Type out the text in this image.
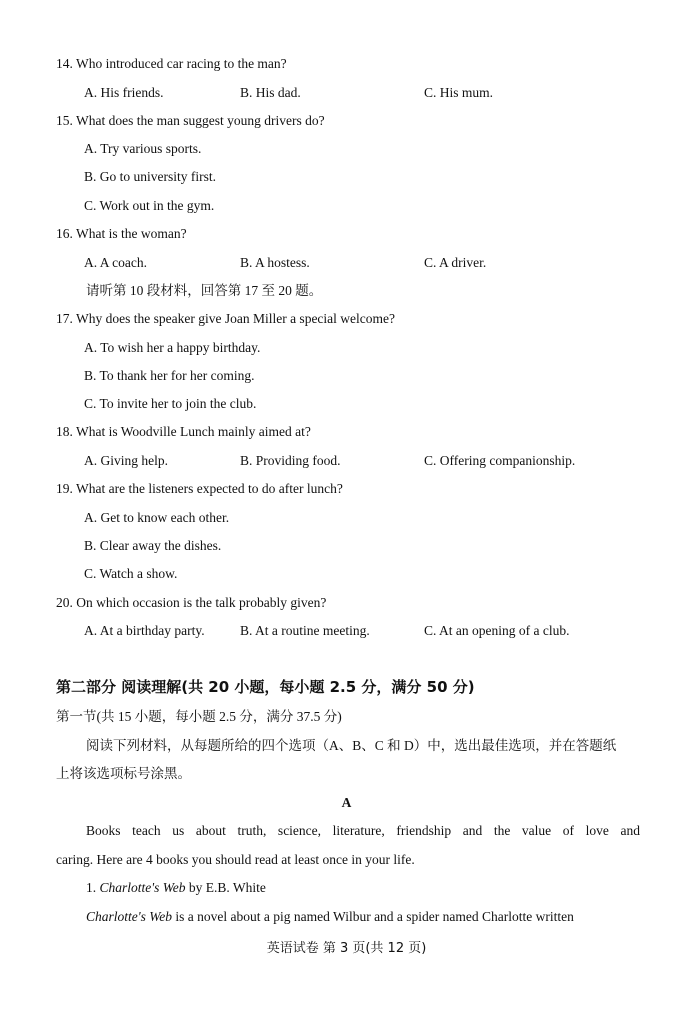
14. Who introduced car racing to the man?
A. His friends.	B. His dad.	C. His mum.
15. What does the man suggest young drivers do?
A. Try various sports.
B. Go to university first.
C. Work out in the gym.
16. What is the woman?
A. A coach.	B. A hostess.	C. A driver.
请听第 10 段材料，回答第 17 至 20 题。
17. Why does the speaker give Joan Miller a special welcome?
A. To wish her a happy birthday.
B. To thank her for her coming.
C. To invite her to join the club.
18. What is Woodville Lunch mainly aimed at?
A. Giving help.	B. Providing food.	C. Offering companionship.
19. What are the listeners expected to do after lunch?
A. Get to know each other.
B. Clear away the dishes.
C. Watch a show.
20. On which occasion is the talk probably given?
A. At a birthday party.	B. At a routine meeting.	C. At an opening of a club.
第二部分 阅读理解(共 20 小题，每小题 2.5 分，满分 50 分)
第一节(共 15 小题，每小题 2.5 分，满分 37.5 分)
阅读下列材料，从每题所给的四个选项（A、B、C 和 D）中，选出最佳选项，并在答题纸
上将该选项标号涂黑。
A
Books teach us about truth, science, literature, friendship and the value of love and
caring. Here are 4 books you should read at least once in your life.
1. Charlotte's Web by E.B. White
Charlotte's Web is a novel about a pig named Wilbur and a spider named Charlotte written
英语试卷 第 3 页(共 12 页)
